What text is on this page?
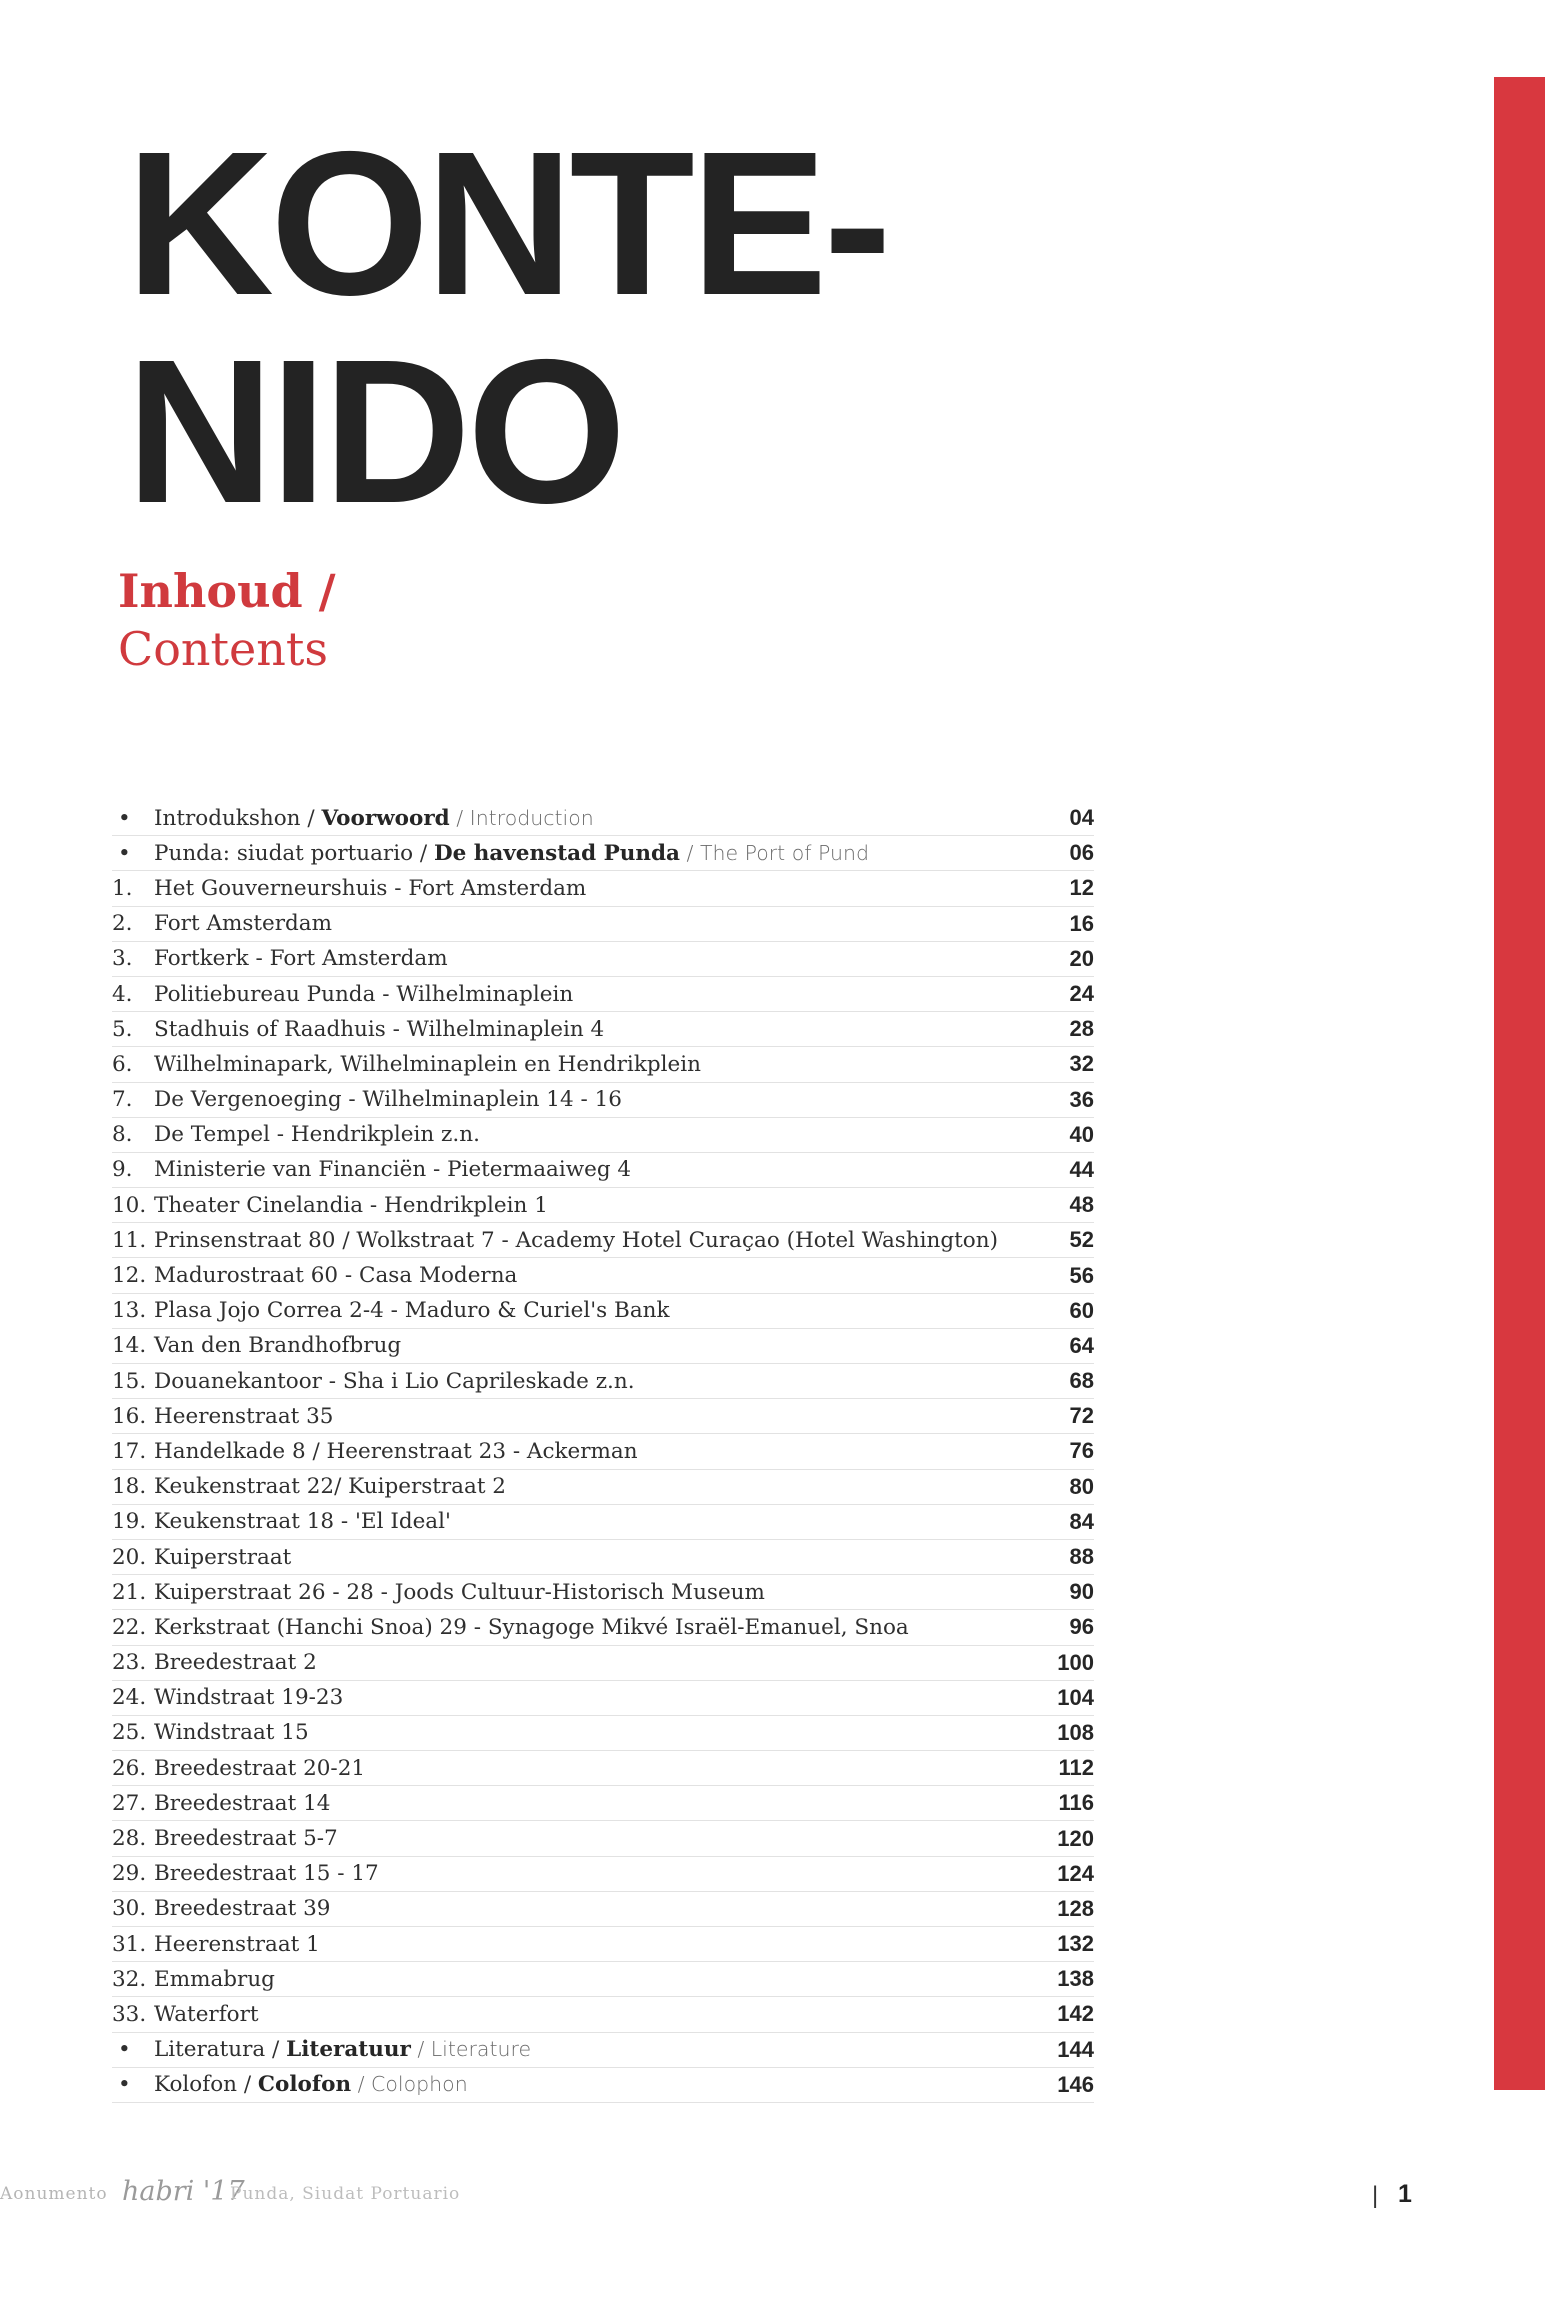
KONTE-
NIDO
Inhoud /
Contents
•	Introdukshon / Voorwoord / Introduction	04
•	Punda: siudat portuario / De havenstad Punda / The Port of Pund	06
1. Het Gouverneurshuis - Fort Amsterdam	12
2. Fort Amsterdam	16
3. Fortkerk - Fort Amsterdam	20
4. Politiebureau Punda - Wilhelminaplein	24
5. Stadhuis of Raadhuis - Wilhelminaplein 4	28
6. Wilhelminapark, Wilhelminaplein en Hendrikplein	32
7. De Vergenoeging - Wilhelminaplein 14 - 16	36
8. De Tempel - Hendrikplein z.n.	40
9. Ministerie van Financiën - Pietermaaiweg 4	44
10. Theater Cinelandia - Hendrikplein 1	48
11. Prinsenstraat 80 / Wolkstraat 7 - Academy Hotel Curaçao (Hotel Washington)	52
12. Madurostraat 60 - Casa Moderna	56
13. Plasa Jojo Correa 2-4 - Maduro & Curiel's Bank	60
14. Van den Brandhofbrug	64
15. Douanekantoor - Sha i Lio Caprileskade z.n.	68
16. Heerenstraat 35	72
17. Handelkade 8 / Heerenstraat 23 - Ackerman	76
18. Keukenstraat 22/ Kuiperstraat 2	80
19. Keukenstraat 18 - 'El Ideal'	84
20. Kuiperstraat	88
21. Kuiperstraat 26 - 28 - Joods Cultuur-Historisch Museum	90
22. Kerkstraat (Hanchi Snoa) 29 - Synagoge Mikvé Israël-Emanuel, Snoa	96
23. Breedestraat 2	100
24. Windstraat 19-23	104
25. Windstraat 15	108
26. Breedestraat 20-21	112
27. Breedestraat 14	116
28. Breedestraat 5-7	120
29. Breedestraat 15 - 17	124
30. Breedestraat 39	128
31. Heerenstraat 1	132
32. Emmabrug	138
33. Waterfort	142
•	Literatura / Literatuur / Literature	144
•	Kolofon / Colofon / Colophon	146
Aonumento habri '17
Punda, Siudat Portuario	| 1
